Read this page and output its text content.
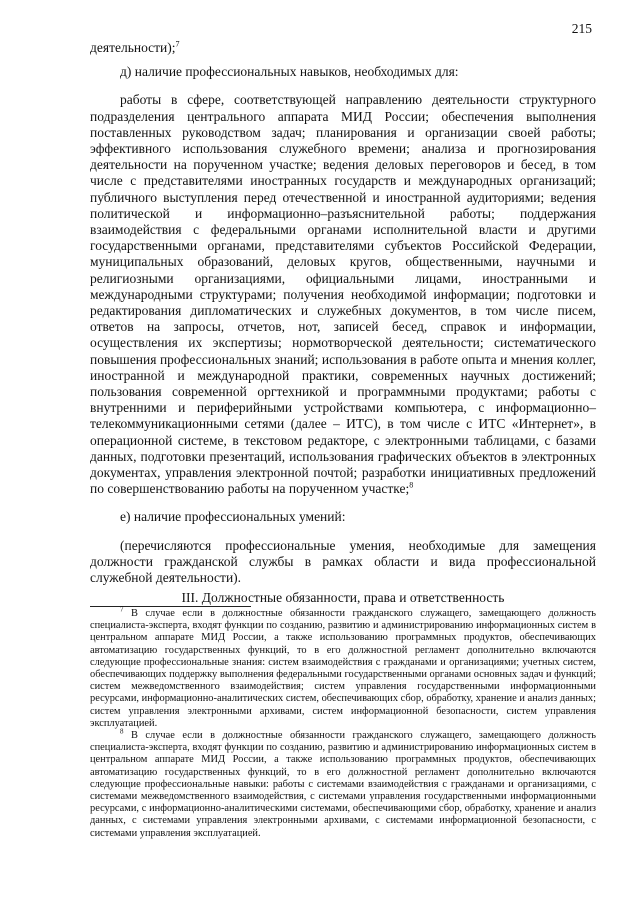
215

деятельности);$^7$

д) наличие профессиональных навыков, необходимых для:

работы в сфере, соответствующей направлению деятельности структурного подразделения центрального аппарата МИД России; обеспечения выполнения поставленных руководством задач; планирования и организации своей работы; эффективного использования служебного времени; анализа и прогнозирования деятельности на порученном участке; ведения деловых переговоров и бесед, в том числе с представителями иностранных государств и международных организаций; публичного выступления перед отечественной и иностранной аудиториями; ведения политической и информационно–разъяснительной работы; поддержания взаимодействия с федеральными органами исполнительной власти и другими государственными органами, представителями субъектов Российской Федерации, муниципальных образований, деловых кругов, общественными, научными и религиозными организациями, официальными лицами, иностранными и международными структурами; получения необходимой информации; подготовки и редактирования дипломатических и служебных документов, в том числе писем, ответов на запросы, отчетов, нот, записей бесед, справок и информации, осуществления их экспертизы; нормотворческой деятельности; систематического повышения профессиональных знаний; использования в работе опыта и мнения коллег, иностранной и международной практики, современных научных достижений; пользования современной оргтехникой и программными продуктами; работы с внутренними и периферийными устройствами компьютера, с информационно–телекоммуникационными сетями (далее – ИТС), в том числе с ИТС «Интернет», в операционной системе, в текстовом редакторе, с электронными таблицами, с базами данных, подготовки презентаций, использования графических объектов в электронных документах, управления электронной почтой; разработки инициативных предложений по совершенствованию работы на порученном участке;$^8$

е) наличие профессиональных умений:

(перечисляются профессиональные умения, необходимые для замещения должности гражданской службы в рамках области и вида профессиональной служебной деятельности).

III. Должностные обязанности, права и ответственность

$^7$ В случае если в должностные обязанности гражданского служащего, замещающего должность специалиста-эксперта, входят функции по созданию, развитию и администрированию информационных систем в центральном аппарате МИД России, а также использованию программных продуктов, обеспечивающих автоматизацию государственных функций, то в его должностной регламент дополнительно включаются следующие профессиональные знания: систем взаимодействия с гражданами и организациями; учетных систем, обеспечивающих поддержку выполнения федеральными государственными органами основных задач и функций; систем межведомственного взаимодействия; систем управления государственными информационными ресурсами, информационно-аналитических систем, обеспечивающих сбор, обработку, хранение и анализ данных; систем управления электронными архивами, систем информационной безопасности, систем управления эксплуатацией.

$^8$ В случае если в должностные обязанности гражданского служащего, замещающего должность специалиста-эксперта, входят функции по созданию, развитию и администрированию информационных систем в центральном аппарате МИД России, а также использованию программных продуктов, обеспечивающих автоматизацию государственных функций, то в его должностной регламент дополнительно включаются следующие профессиональные навыки: работы с системами взаимодействия с гражданами и организациями, с системами межведомственного взаимодействия, с системами управления государственными информационными ресурсами, с информационно-аналитическими системами, обеспечивающими сбор, обработку, хранение и анализ данных, с системами управления электронными архивами, с системами информационной безопасности, с системами управления эксплуатацией.
